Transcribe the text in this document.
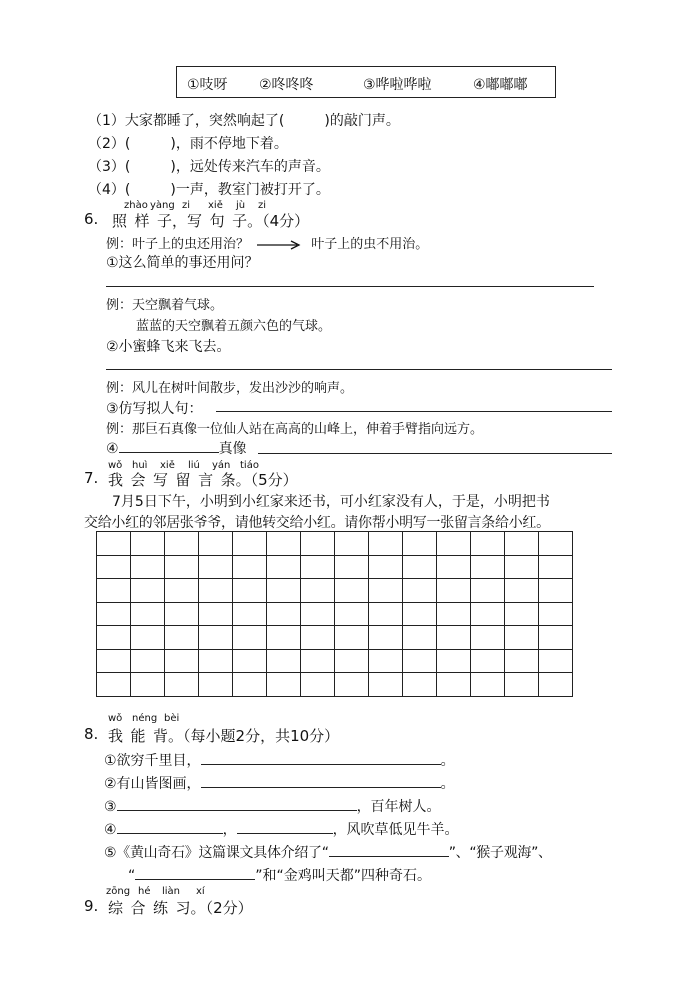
①吱呀 ②咚咚咚	③哗啦哗啦	④嘟嘟嘟
（1）大家都睡了，突然响起了(	)的敲门声。
（2）(	)，雨不停地下着。
（3）(	)，远处传来汽车的声音。
（4）(	)一声，教室门被打开了。
zhào yàng zi xiě jù zi
6. 照  样  子，写  句  子。（4分）
例：叶子上的虫还用治？	叶子上的虫不用治。
①这么简单的事还用问？
例：天空飘着气球。
蓝蓝的天空飘着五颜六色的气球。
②小蜜蜂飞来飞去。
例：风儿在树叶间散步，发出沙沙的响声。
③仿写拟人句：
例：那巨石真像一位仙人站在高高的山峰上，伸着手臂指向远方。
④	真像
wǒ huì xiě liú yán tiáo
7. 我  会  写  留  言  条。（5分）
7月5日下午，小明到小红家来还书，可小红家没有人，于是，小明把书
交给小红的邻居张爷爷，请他转交给小红。请你帮小明写一张留言条给小红。

wǒ néng bèi
8. 我  能  背。（每小题2分，共10分）
①欲穷千里目，	。
②有山皆图画，	。
③	，百年树人。
④	，	，风吹草低见牛羊。
⑤《黄山奇石》这篇课文具体介绍了“	”、“猴子观海”、
“	”和“金鸡叫天都”四种奇石。
zōng hé liàn xí
9. 综  合  练  习。（2分）
